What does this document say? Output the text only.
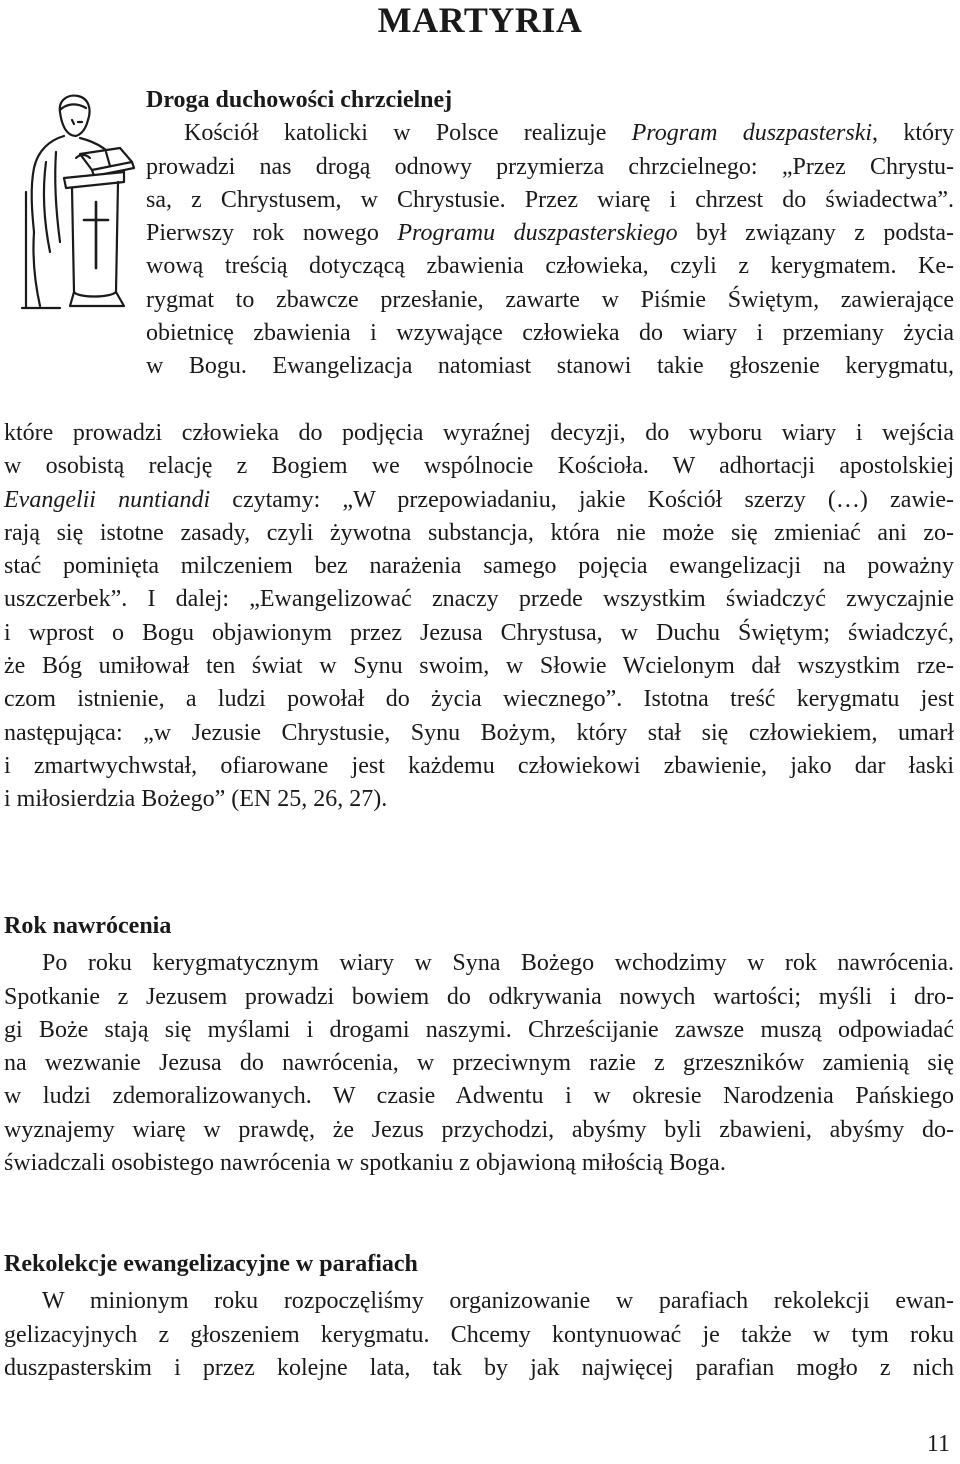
MARTYRIA
Droga duchowości chrzcielnej

Kościół katolicki w Polsce realizuje Program duszpasterski, który

prowadzi nas drogą odnowy przymierza chrzcielnego: „Przez Chrystu-
sa, z Chrystusem, w Chrystusie. Przez wiarę i chrzest do świadectwa”.
Pierwszy rok nowego Programu duszpasterskiego był związany z podsta-
wową treścią dotyczącą zbawienia człowieka, czyli z kerygmatem. Ke-
rygmat to zbawcze przesłanie, zawarte w Piśmie Świętym, zawierające
obietnicę zbawienia i wzywające człowieka do wiary i przemiany życia
w Bogu. Ewangelizacja natomiast stanowi takie głoszenie kerygmatu,

które prowadzi człowieka do podjęcia wyraźnej decyzji, do wyboru wiary i wejścia
w osobistą relację z Bogiem we wspólnocie Kościoła. W adhortacji apostolskiej
Evangelii nuntiandi czytamy: „W przepowiadaniu, jakie Kościół szerzy (…) zawie-
rają się istotne zasady, czyli żywotna substancja, która nie może się zmieniać ani zo-
stać pominięta milczeniem bez narażenia samego pojęcia ewangelizacji na poważny
uszczerbek”. I dalej: „Ewangelizować znaczy przede wszystkim świadczyć zwyczajnie
i wprost o Bogu objawionym przez Jezusa Chrystusa, w Duchu Świętym; świadczyć,
że Bóg umiłował ten świat w Synu swoim, w Słowie Wcielonym dał wszystkim rze-
czom istnienie, a ludzi powołał do życia wiecznego”. Istotna treść kerygmatu jest
następująca: „w Jezusie Chrystusie, Synu Bożym, który stał się człowiekiem, umarł
i zmartwychwstał, ofiarowane jest każdemu człowiekowi zbawienie, jako dar łaski

i miłosierdzia Bożego” (EN 25, 26, 27).

Rok nawrócenia

Po roku kerygmatycznym wiary w Syna Bożego wchodzimy w rok nawrócenia.
Spotkanie z Jezusem prowadzi bowiem do odkrywania nowych wartości; myśli i dro-
gi Boże stają się myślami i drogami naszymi. Chrześcijanie zawsze muszą odpowiadać
na wezwanie Jezusa do nawrócenia, w przeciwnym razie z grzeszników zamienią się
w ludzi zdemoralizowanych. W czasie Adwentu i w okresie Narodzenia Pańskiego
wyznajemy wiarę w prawdę, że Jezus przychodzi, abyśmy byli zbawieni, abyśmy do-

świadczali osobistego nawrócenia w spotkaniu z objawioną miłością Boga.

Rekolekcje ewangelizacyjne w parafiach

W minionym roku rozpoczęliśmy organizowanie w parafiach rekolekcji ewan-
gelizacyjnych z głoszeniem kerygmatu. Chcemy kontynuować je także w tym roku
duszpasterskim i przez kolejne lata, tak by jak najwięcej parafian mogło z nich

11
